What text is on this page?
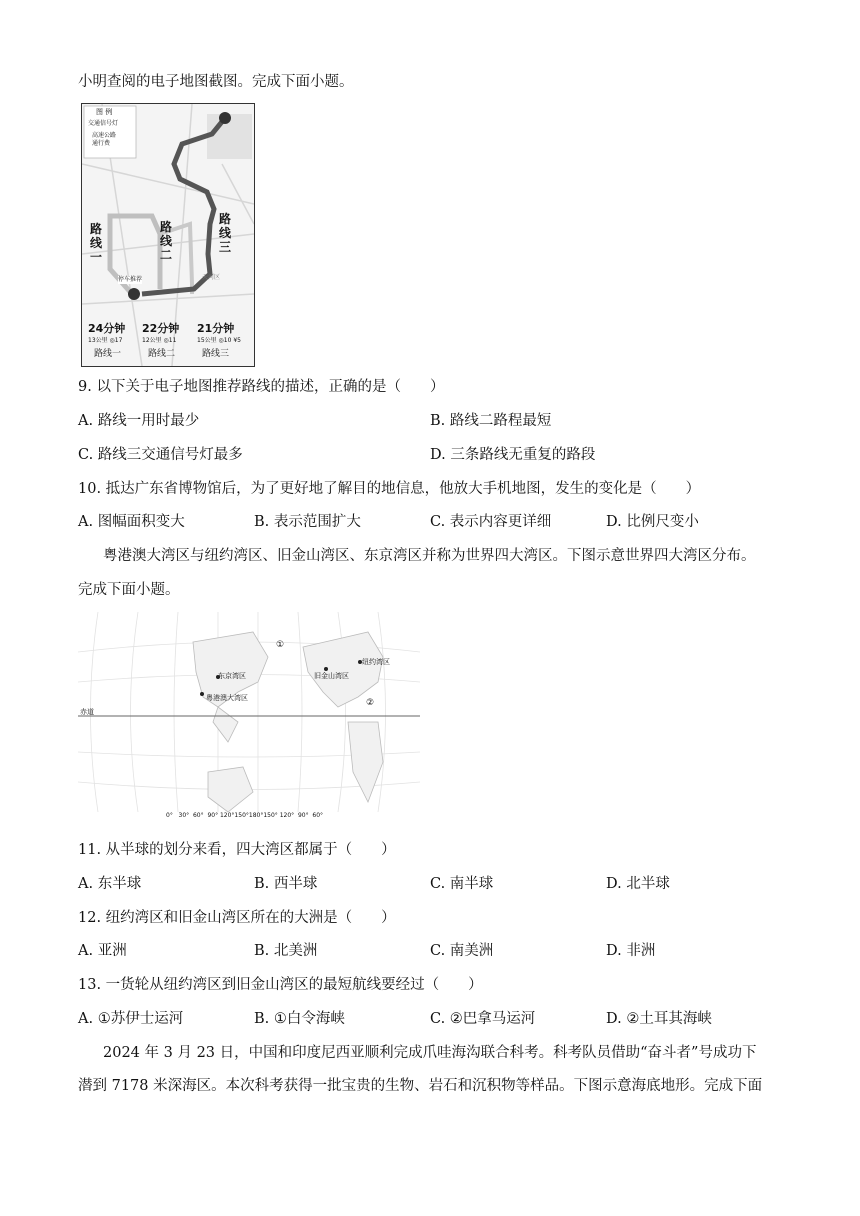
小明查阅的电子地图截图。完成下面小题。
图 例
交通信号灯
高速公路
通行费
路线一
路线二
路线三
天河区
停车推荐
24分钟 22分钟 21分钟
13公里 ◎17	12公里 ◎11	15公里 ◎10 ¥5
路线一	路线二	路线三
9. 以下关于电子地图推荐路线的描述，正确的是（　　）
A. 路线一用时最少	B. 路线二路程最短
C. 路线三交通信号灯最多	D. 三条路线无重复的路段
10. 抵达广东省博物馆后，为了更好地了解目的地信息，他放大手机地图，发生的变化是（　　）
A. 图幅面积变大	B. 表示范围扩大	C. 表示内容更详细	D. 比例尺变小
粤港澳大湾区与纽约湾区、旧金山湾区、东京湾区并称为世界四大湾区。下图示意世界四大湾区分布。
完成下面小题。
东京湾区	旧金山湾区
纽约湾区
粤港澳大湾区
赤道
①
②
0°   30°  60°  90° 120°150°180°150° 120°  90°  60°
11. 从半球的划分来看，四大湾区都属于（　　）
A. 东半球	B. 西半球	C. 南半球	D. 北半球
12. 纽约湾区和旧金山湾区所在的大洲是（　　）
A. 亚洲	B. 北美洲	C. 南美洲	D. 非洲
13. 一货轮从纽约湾区到旧金山湾区的最短航线要经过（　　）
A. ①苏伊士运河	B. ①白令海峡	C. ②巴拿马运河	D. ②土耳其海峡
2024 年 3 月 23 日，中国和印度尼西亚顺利完成爪哇海沟联合科考。科考队员借助“奋斗者”号成功下
潜到 7178 米深海区。本次科考获得一批宝贵的生物、岩石和沉积物等样品。下图示意海底地形。完成下面
